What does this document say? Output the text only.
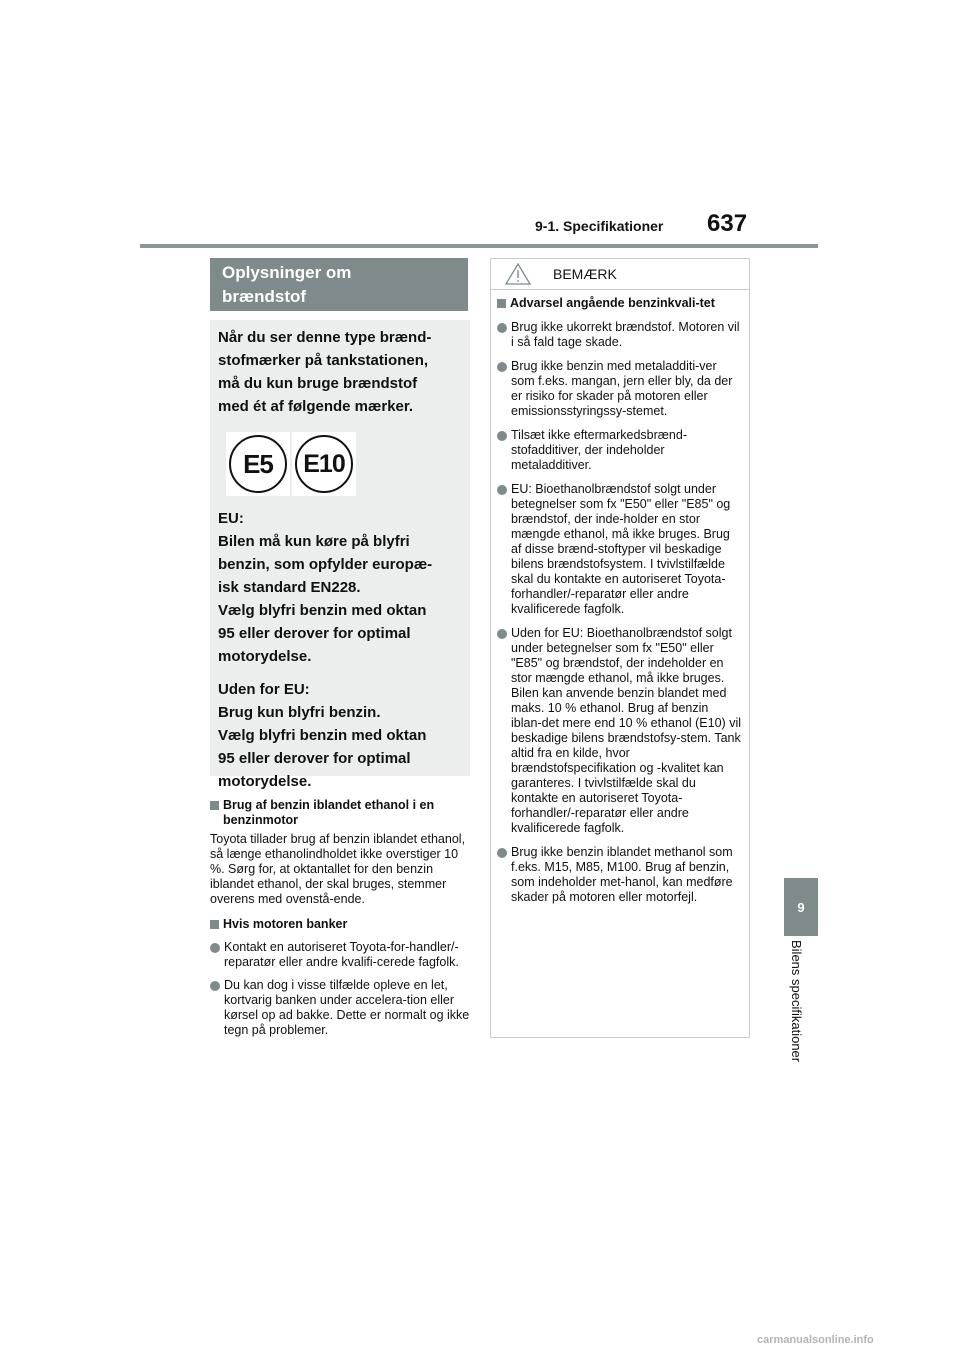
9-1. Specifikationer 637
9
Bilens specifikationer
Oplysninger om
brændstof

Når du ser denne type brænd-

stofmærker på tankstationen,

må du kun bruge brændstof

med ét af følgende mærker.

E5	E10

EU:

Bilen må kun køre på blyfri

benzin, som opfylder europæ-

isk standard EN228.

Vælg blyfri benzin med oktan

95 eller derover for optimal

motorydelse.

Uden for EU:

Brug kun blyfri benzin.

Vælg blyfri benzin med oktan

95 eller derover for optimal

motorydelse.

Brug af benzin iblandet ethanol i en benzinmotor

Toyota tillader brug af benzin iblandet ethanol, så længe ethanolindholdet ikke overstiger 10 %. Sørg for, at oktantallet for den benzin iblandet ethanol, der skal bruges, stemmer overens med ovenstå-ende.

Hvis motoren banker
Kontakt en autoriseret Toyota-for-handler/-reparatør eller andre kvalifi-cerede fagfolk.
Du kan dog i visse tilfælde opleve en let, kortvarig banken under accelera-tion eller kørsel op ad bakke. Dette er normalt og ikke tegn på problemer.
BEMÆRK
Advarsel angående benzinkvali-tet
Brug ikke ukorrekt brændstof. Motoren vil i så fald tage skade.
Brug ikke benzin med metaladditi-ver som f.eks. mangan, jern eller bly, da der er risiko for skader på motoren eller emissionsstyringssy-stemet.
Tilsæt ikke eftermarkedsbrænd-stofadditiver, der indeholder metaladditiver.
EU: Bioethanolbrændstof solgt under betegnelser som fx "E50" eller "E85" og brændstof, der inde-holder en stor mængde ethanol, må ikke bruges. Brug af disse brænd-stoftyper vil beskadige bilens brændstofsystem. I tvivlstilfælde skal du kontakte en autoriseret Toyota-forhandler/-reparatør eller andre kvalificerede fagfolk.
Uden for EU: Bioethanolbrændstof solgt under betegnelser som fx "E50" eller "E85" og brændstof, der indeholder en stor mængde ethanol, må ikke bruges. Bilen kan anvende benzin blandet med maks. 10 % ethanol. Brug af benzin iblan-det mere end 10 % ethanol (E10) vil beskadige bilens brændstofsy-stem. Tank altid fra en kilde, hvor brændstofspecifikation og -kvalitet kan garanteres. I tvivlstilfælde skal du kontakte en autoriseret Toyota-forhandler/-reparatør eller andre kvalificerede fagfolk.
Brug ikke benzin iblandet methanol som f.eks. M15, M85, M100. Brug af benzin, som indeholder met-hanol, kan medføre skader på motoren eller motorfejl.
carmanualsonline.info
